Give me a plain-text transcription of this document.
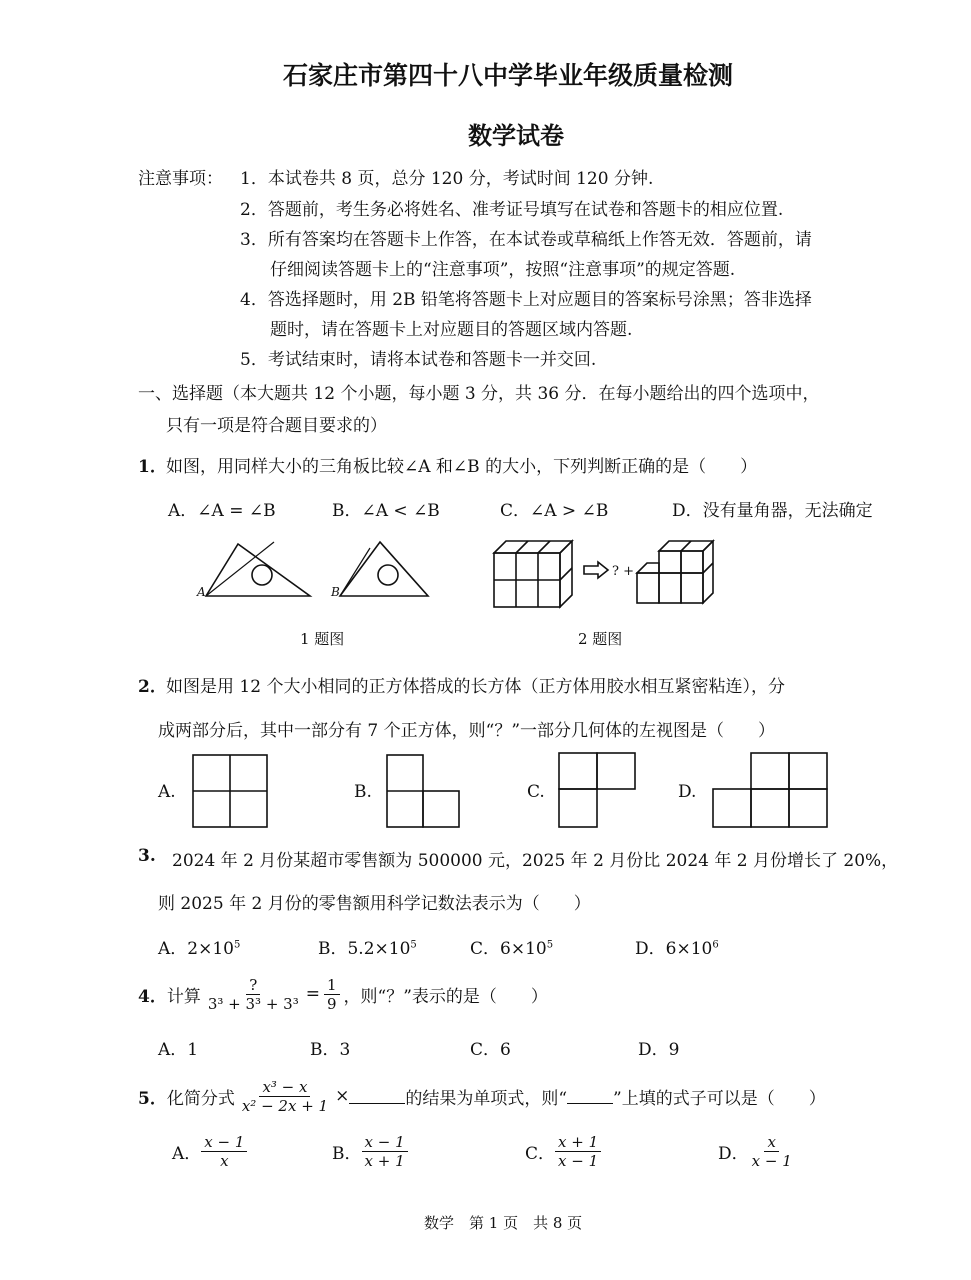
石家庄市第四十八中学毕业年级质量检测
数学试卷
注意事项： 1．本试卷共 8 页，总分 120 分，考试时间 120 分钟.
2．答题前，考生务必将姓名、准考证号填写在试卷和答题卡的相应位置.
3．所有答案均在答题卡上作答，在本试卷或草稿纸上作答无效．答题前，请
仔细阅读答题卡上的“注意事项”，按照“注意事项”的规定答题.
4．答选择题时，用 2B 铅笔将答题卡上对应题目的答案标号涂黑；答非选择
题时，请在答题卡上对应题目的答题区域内答题.
5．考试结束时，请将本试卷和答题卡一并交回.
一、选择题（本大题共 12 个小题，每小题 3 分，共 36 分．在每小题给出的四个选项中，
只有一项是符合题目要求的）
1． 如图，用同样大小的三角板比较∠A 和∠B 的大小，下列判断正确的是（　　）
A．∠A = ∠B	B．∠A < ∠B	C．∠A > ∠B	D．没有量角器，无法确定
A	B
1 题图
? +
2 题图
2． 如图是用 12 个大小相同的正方体搭成的长方体（正方体用胶水相互紧密粘连），分
成两部分后，其中一部分有 7 个正方体，则“？”一部分几何体的左视图是（　　）
A.	B.	C.	D.
3. 2024 年 2 月份某超市零售额为 500000 元，2025 年 2 月份比 2024 年 2 月份增长了 20%，
则 2025 年 2 月份的零售额用科学记数法表示为（　　）
A．$2\times 10^5$	B．$5.2\times 10^5$	C．$6\times 10^5$	D．$6\times 10^6$
4． 计算 $\frac{?}{\text{3³ + 3³ + 3³}} = \frac{1}{9}$ ，则“？”表示的是（　　）
A．1	B．3	C．6	D．9
5． 化简分式 $\frac{\text{x³ − x}}{\text{x² − 2x + 1}}$ ×	的结果为单项式，则“	”上填的式子可以是（　　）
A． $\frac{x - 1}{x}$	B． $\frac{x - 1}{x + 1}$	C． $\frac{x + 1}{x - 1}$	D． $\frac{x}{x - 1}$
数学　第 1 页　共 8 页
